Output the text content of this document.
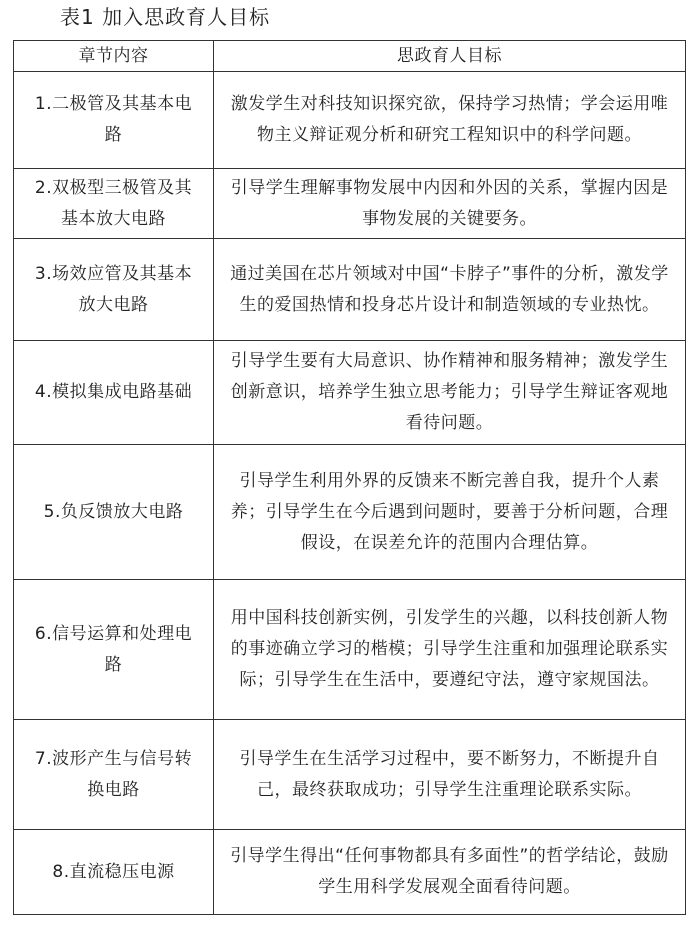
表1 加入思政育人目标
章节内容	思政育人目标

1.二极管及其基本电路	激发学生对科技知识探究欲，保持学习热情；学会运用唯物主义辩证观分析和研究工程知识中的科学问题。

2.双极型三极管及其基本放大电路	引导学生理解事物发展中内因和外因的关系，掌握内因是事物发展的关键要务。

3.场效应管及其基本放大电路	通过美国在芯片领域对中国“卡脖子”事件的分析，激发学生的爱国热情和投身芯片设计和制造领域的专业热忱。

4.模拟集成电路基础	引导学生要有大局意识、协作精神和服务精神；激发学生创新意识，培养学生独立思考能力；引导学生辩证客观地看待问题。

5.负反馈放大电路	引导学生利用外界的反馈来不断完善自我，提升个人素养；引导学生在今后遇到问题时，要善于分析问题，合理假设，在误差允许的范围内合理估算。

6.信号运算和处理电路	用中国科技创新实例，引发学生的兴趣，以科技创新人物的事迹确立学习的楷模；引导学生注重和加强理论联系实际；引导学生在生活中，要遵纪守法，遵守家规国法。

7.波形产生与信号转换电路	引导学生在生活学习过程中，要不断努力，不断提升自己，最终获取成功；引导学生注重理论联系实际。

8.直流稳压电源	引导学生得出“任何事物都具有多面性”的哲学结论，鼓励学生用科学发展观全面看待问题。
